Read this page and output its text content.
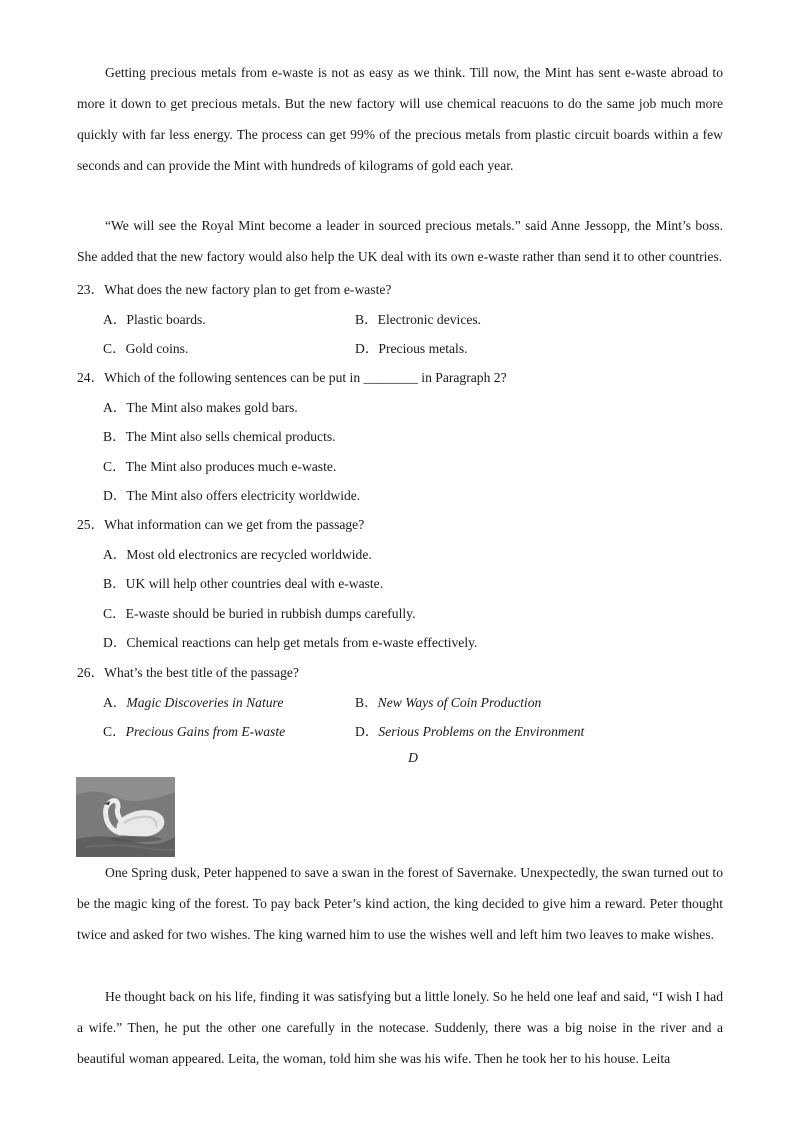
Getting precious metals from e-waste is not as easy as we think. Till now, the Mint has sent e-waste abroad to more it down to get precious metals. But the new factory will use chemical reacuons to do the same job much more quickly with far less energy. The process can get 99% of the precious metals from plastic circuit boards within a few seconds and can provide the Mint with hundreds of kilograms of gold each year.

“We will see the Royal Mint become a leader in sourced precious metals.” said Anne Jessopp, the Mint’s boss. She added that the new factory would also help the UK deal with its own e-waste rather than send it to other countries.

23．What does the new factory plan to get from e-waste?

A．Plastic boards.	B．Electronic devices.

C．Gold coins.	D．Precious metals.

24．Which of the following sentences can be put in ________ in Paragraph 2?

A．The Mint also makes gold bars.

B．The Mint also sells chemical products.

C．The Mint also produces much e-waste.

D．The Mint also offers electricity worldwide.

25．What information can we get from the passage?

A．Most old electronics are recycled worldwide.

B．UK will help other countries deal with e-waste.

C．E-waste should be buried in rubbish dumps carefully.

D．Chemical reactions can help get metals from e-waste effectively.

26．What’s the best title of the passage?

A．Magic Discoveries in Nature	B．New Ways of Coin Production

C．Precious Gains from E-waste	D．Serious Problems on the Environment

D

One Spring dusk, Peter happened to save a swan in the forest of Savernake. Unexpectedly, the swan turned out to be the magic king of the forest. To pay back Peter’s kind action, the king decided to give him a reward. Peter thought twice and asked for two wishes. The king warned him to use the wishes well and left him two leaves to make wishes.

He thought back on his life, finding it was satisfying but a little lonely. So he held one leaf and said, “I wish I had a wife.” Then, he put the other one carefully in the notecase. Suddenly, there was a big noise in the river and a beautiful woman appeared. Leita, the woman, told him she was his wife. Then he took her to his house. Leita
